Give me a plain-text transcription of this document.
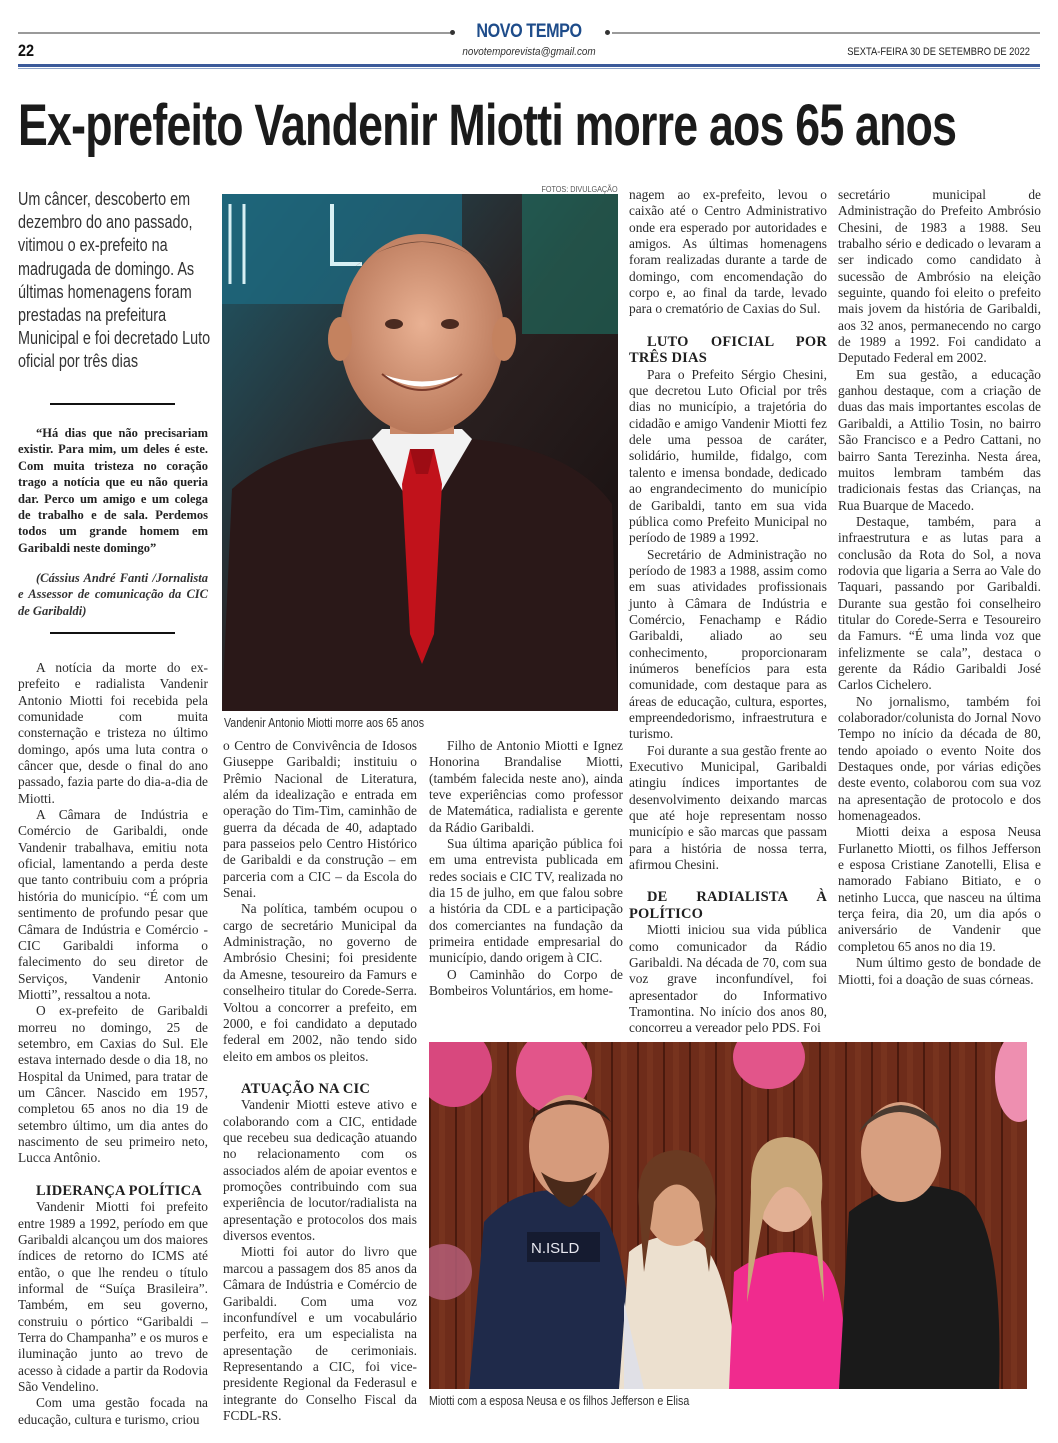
NOVO TEMPO
22	novotemporevista@gmail.com	SEXTA-FEIRA 30 DE SETEMBRO DE 2022
Ex-prefeito Vandenir Miotti morre aos 65 anos
Um câncer, descoberto em dezembro do ano passado, vitimou o ex-prefeito na madrugada de domingo. As últimas homenagens foram prestadas na prefeitura Municipal e foi decretado Luto oficial por três dias
“Há dias que não precisariam existir. Para mim, um deles é este. Com muita tristeza no coração trago a notícia que eu não queria dar. Perco um amigo e um colega de trabalho e de sala. Perdemos todos um grande homem em Garibaldi neste domingo”
(Cássius André Fanti /Jornalista e Assessor de comunicação da CIC de Garibaldi)
FOTOS: DIVULGAÇÃO
Vandenir Antonio Miotti morre aos 65 anos
N.ISLD
Miotti com a esposa Neusa e os filhos Jefferson e Elisa

A notícia da morte do ex-prefeito e radialista Vandenir Antonio Miotti foi recebida pela comunidade com muita consternação e tristeza no último domingo, após uma luta contra o câncer que, desde o final do ano passado, fazia parte do dia-a-dia de Miotti.

A Câmara de Indústria e Comércio de Garibaldi, onde Vandenir trabalhava, emitiu nota oficial, lamentando a perda deste que tanto contribuiu com a própria história do município. “É com um sentimento de profundo pesar que Câmara de Indústria e Comércio - CIC Garibaldi informa o falecimento do seu diretor de Serviços, Vandenir Antonio Miotti”, ressaltou a nota.

O ex-prefeito de Garibaldi morreu no domingo, 25 de setembro, em Caxias do Sul. Ele estava internado desde o dia 18, no Hospital da Unimed, para tratar de um Câncer. Nascido em 1957, completou 65 anos no dia 19 de setembro último, um dia antes do nascimento de seu primeiro neto, Lucca Antônio.

LIDERANÇA POLÍTICA

Vandenir Miotti foi prefeito entre 1989 a 1992, período em que Garibaldi alcançou um dos maiores índices de retorno do ICMS até então, o que lhe rendeu o título informal de “Suíça Brasileira”. Também, em seu governo, construiu o pórtico “Garibaldi – Terra do Champanha” e os muros e iluminação junto ao trevo de acesso à cidade a partir da Rodovia São Vendelino.

Com uma gestão focada na educação, cultura e turismo, criou

o Centro de Convivência de Idosos Giuseppe Garibaldi; instituiu o Prêmio Nacional de Literatura, além da idealização e entrada em operação do Tim-Tim, caminhão de guerra da década de 40, adaptado para passeios pelo Centro Histórico de Garibaldi e da construção – em parceria com a CIC – da Escola do Senai.

Na política, também ocupou o cargo de secretário Municipal da Administração, no governo de Ambrósio Chesini; foi presidente da Amesne, tesoureiro da Famurs e conselheiro titular do Corede-Serra. Voltou a concorrer a prefeito, em 2000, e foi candidato a deputado federal em 2002, não tendo sido eleito em ambos os pleitos.

ATUAÇÃO NA CIC

Vandenir Miotti esteve ativo e colaborando com a CIC, entidade que recebeu sua dedicação atuando no relacionamento com os associados além de apoiar eventos e promoções contribuindo com sua experiência de locutor/radialista na apresentação e protocolos dos mais diversos eventos.

Miotti foi autor do livro que marcou a passagem dos 85 anos da Câmara de Indústria e Comércio de Garibaldi. Com uma voz inconfundível e um vocabulário perfeito, era um especialista na apresentação de cerimoniais. Representando a CIC, foi vice-presidente Regional da Federasul e integrante do Conselho Fiscal da FCDL-RS.

Filho de Antonio Miotti e Ignez Honorina Brandalise Miotti, (também falecida neste ano), ainda teve experiências como professor de Matemática, radialista e gerente da Rádio Garibaldi.

Sua última aparição pública foi em uma entrevista publicada em redes sociais e CIC TV, realizada no dia 15 de julho, em que falou sobre a história da CDL e a participação dos comerciantes na fundação da primeira entidade empresarial do município, dando origem à CIC.

O Caminhão do Corpo de Bombeiros Voluntários, em home-

nagem ao ex-prefeito, levou o caixão até o Centro Administrativo onde era esperado por autoridades e amigos. As últimas homenagens foram realizadas durante a tarde de domingo, com encomendação do corpo e, ao final da tarde, levado para o crematório de Caxias do Sul.

LUTO OFICIAL POR TRÊS DIAS

Para o Prefeito Sérgio Chesini, que decretou Luto Oficial por três dias no município, a trajetória do cidadão e amigo Vandenir Miotti fez dele uma pessoa de caráter, solidário, humilde, fidalgo, com talento e imensa bondade, dedicado ao engrandecimento do município de Garibaldi, tanto em sua vida pública como Prefeito Municipal no período de 1989 a 1992.

Secretário de Administração no período de 1983 a 1988, assim como em suas atividades profissionais junto à Câmara de Indústria e Comércio, Fenachamp e Rádio Garibaldi, aliado ao seu conhecimento, proporcionaram inúmeros benefícios para esta comunidade, com destaque para as áreas de educação, cultura, esportes, empreendedorismo, infraestrutura e turismo.

Foi durante a sua gestão frente ao Executivo Municipal, Garibaldi atingiu índices importantes de desenvolvimento deixando marcas que até hoje representam nosso município e são marcas que passam para a história de nossa terra, afirmou Chesini.

DE RADIALISTA À POLÍTICO

Miotti iniciou sua vida pública como comunicador da Rádio Garibaldi. Na década de 70, com sua voz grave inconfundível, foi apresentador do Informativo Tramontina. No início dos anos 80, concorreu a vereador pelo PDS. Foi

secretário municipal de Administração do Prefeito Ambrósio Chesini, de 1983 a 1988. Seu trabalho sério e dedicado o levaram a ser indicado como candidato à sucessão de Ambrósio na eleição seguinte, quando foi eleito o prefeito mais jovem da história de Garibaldi, aos 32 anos, permanecendo no cargo de 1989 a 1992. Foi candidato a Deputado Federal em 2002.

Em sua gestão, a educação ganhou destaque, com a criação de duas das mais importantes escolas de Garibaldi, a Attilio Tosin, no bairro São Francisco e a Pedro Cattani, no bairro Santa Terezinha. Nesta área, muitos lembram também das tradicionais festas das Crianças, na Rua Buarque de Macedo.

Destaque, também, para a infraestrutura e as lutas para a conclusão da Rota do Sol, a nova rodovia que ligaria a Serra ao Vale do Taquari, passando por Garibaldi. Durante sua gestão foi conselheiro titular do Corede-Serra e Tesoureiro da Famurs. “É uma linda voz que infelizmente se cala”, destaca o gerente da Rádio Garibaldi José Carlos Cichelero.

No jornalismo, também foi colaborador/colunista do Jornal Novo Tempo no início da década de 80, tendo apoiado o evento Noite dos Destaques onde, por várias edições deste evento, colaborou com sua voz na apresentação de protocolo e dos homenageados.

Miotti deixa a esposa Neusa Furlanetto Miotti, os filhos Jefferson e esposa Cristiane Zanotelli, Elisa e namorado Fabiano Bitiato, e o netinho Lucca, que nasceu na última terça feira, dia 20, um dia após o aniversário de Vandenir que completou 65 anos no dia 19.

Num último gesto de bondade de Miotti, foi a doação de suas córneas.
